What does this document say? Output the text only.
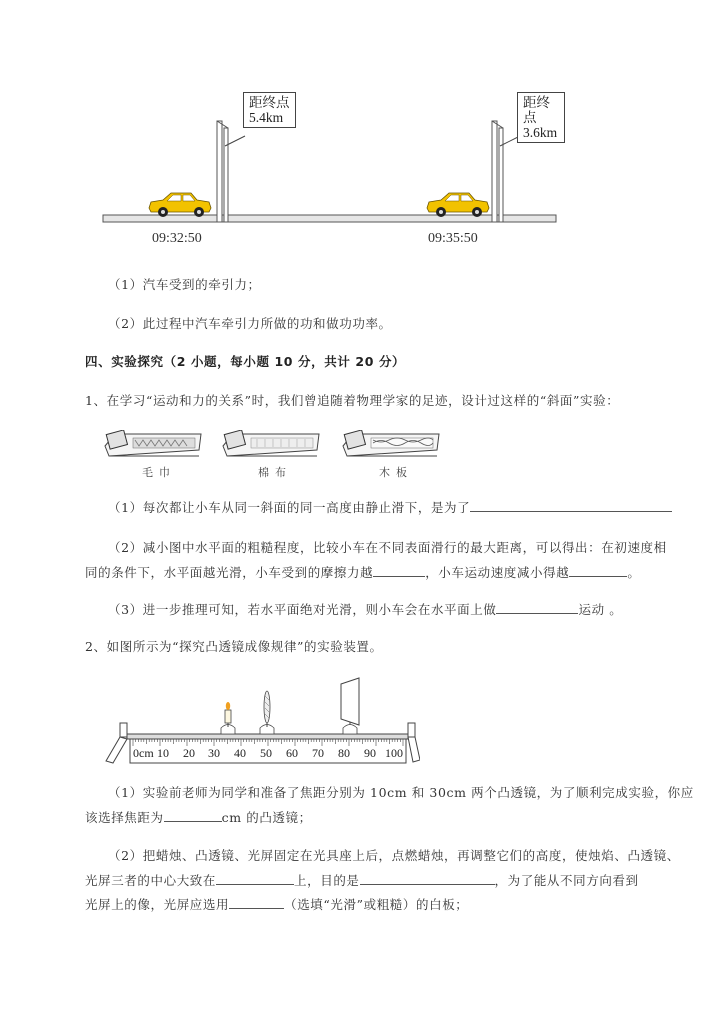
距终点
5.4km
距终点
3.6km
09:32:50	09:35:50
（1）汽车受到的牵引力；
（2）此过程中汽车牵引力所做的功和做功功率。
四、实验探究（2 小题，每小题 10 分，共计 20 分）
1、在学习“运动和力的关系”时，我们曾追随着物理学家的足迹，设计过这样的“斜面”实验：
毛巾	棉布	木板
（1）每次都让小车从同一斜面的同一高度由静止滑下，是为了
（2）减小图中水平面的粗糙程度，比较小车在不同表面滑行的最大距离，可以得出：在初速度相
同的条件下，水平面越光滑，小车受到的摩擦力越	，小车运动速度减小得越	。
（3）进一步推理可知，若水平面绝对光滑，则小车会在水平面上做	运动 。
2、如图所示为“探究凸透镜成像规律”的实验装置。
0cm 10 20 30 40 50 60 70 80 90 100
（1）实验前老师为同学和准备了焦距分别为 10cm 和 30cm 两个凸透镜，为了顺利完成实验，你应
该选择焦距为	cm 的凸透镜；
（2）把蜡烛、凸透镜、光屏固定在光具座上后，点燃蜡烛，再调整它们的高度，使烛焰、凸透镜、
光屏三者的中心大致在	上，目的是	，为了能从不同方向看到
光屏上的像，光屏应选用	（选填“光滑”或粗糙）的白板；
